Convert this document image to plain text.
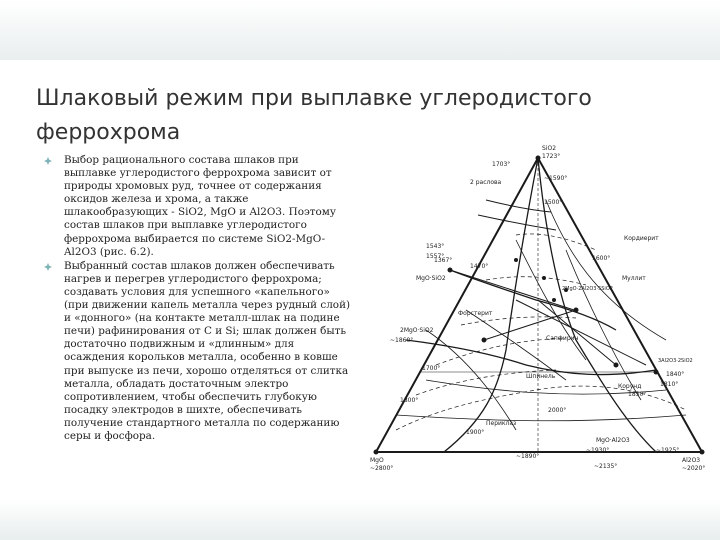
Шлаковый режим при выплавке углеродистого феррохрома
Выбор рационального состава шлаков при выплавке углеродистого феррохрома зависит от природы хромовых руд, точнее от содержания оксидов железа и хрома, а также шлакообразующих - SiO2, MgO и Al2O3. Поэтому состав шлаков при выплавке углеродистого феррохрома выбирается по системе SiO2-MgO-Al2O3 (рис. 6.2).
Выбранный состав шлаков должен обеспечивать нагрев и перегрев углеродистого феррохрома; создавать условия для успешного «капельного» (при движении капель металла через рудный слой) и «донного» (на контакте металл-шлак на подине печи) рафинирования от C и Si; шлак должен быть достаточно подвижным и «длинным» для осаждения корольков металла, особенно в ковше при выпуске из печи, хорошо отделяться от слитка металла, обладать достаточным электро сопротивлением, чтобы обеспечить глубокую посадку электродов в шихте, обеспечивать получение стандартного металла по содержанию серы и фосфора.
SiO2
1723°
MgO
~2800°
Al2O3
~2020°
2 раслова
Кордиерит
Форстерит
Сапфирин
Шпинель
Периклаз
Корунд
Муллит
MgO·SiO2
2MgO·2Al2O3·5SiO2
2MgO·SiO2
MgO·Al2O3
3Al2O3·2SiO2
~1590°
1703°
1543°
1470°
1367°
1557°
~1860°
~1890°
~1930°
~2135°
~1925°
1840°
1810°
1850°
1800°
1700°
1600°
1500°
1900°
2000°
